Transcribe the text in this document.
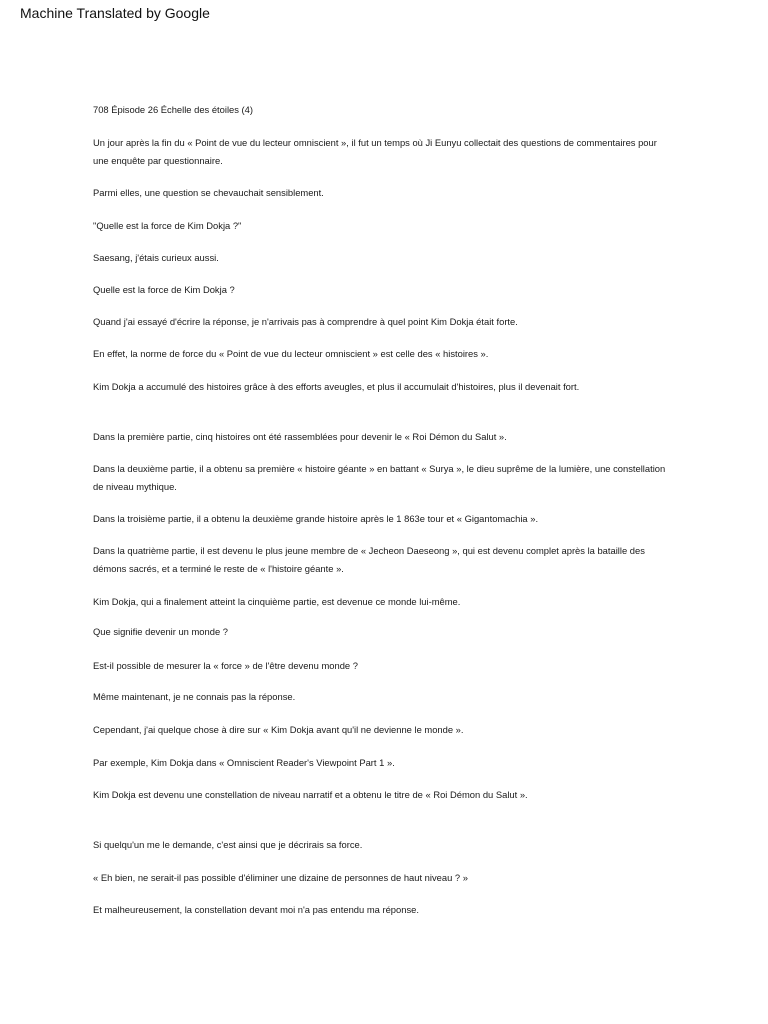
Machine Translated by Google
708 Épisode 26 Échelle des étoiles (4)
Un jour après la fin du « Point de vue du lecteur omniscient », il fut un temps où Ji Eunyu collectait des questions de commentaires pour une enquête par questionnaire.
Parmi elles, une question se chevauchait sensiblement.
"Quelle est la force de Kim Dokja ?"
Saesang, j'étais curieux aussi.
Quelle est la force de Kim Dokja ?
Quand j'ai essayé d'écrire la réponse, je n'arrivais pas à comprendre à quel point Kim Dokja était forte.
En effet, la norme de force du « Point de vue du lecteur omniscient » est celle des « histoires ».
Kim Dokja a accumulé des histoires grâce à des efforts aveugles, et plus il accumulait d'histoires, plus il devenait fort.
Dans la première partie, cinq histoires ont été rassemblées pour devenir le « Roi Démon du Salut ».
Dans la deuxième partie, il a obtenu sa première « histoire géante » en battant « Surya », le dieu suprême de la lumière, une constellation de niveau mythique.
Dans la troisième partie, il a obtenu la deuxième grande histoire après le 1 863e tour et « Gigantomachia ».
Dans la quatrième partie, il est devenu le plus jeune membre de « Jecheon Daeseong », qui est devenu complet après la bataille des démons sacrés, et a terminé le reste de « l'histoire géante ».
Kim Dokja, qui a finalement atteint la cinquième partie, est devenue ce monde lui-même.
Que signifie devenir un monde ?
Est-il possible de mesurer la « force » de l'être devenu monde ?
Même maintenant, je ne connais pas la réponse.
Cependant, j'ai quelque chose à dire sur « Kim Dokja avant qu'il ne devienne le monde ».
Par exemple, Kim Dokja dans « Omniscient Reader's Viewpoint Part 1 ».
Kim Dokja est devenu une constellation de niveau narratif et a obtenu le titre de « Roi Démon du Salut ».
Si quelqu'un me le demande, c'est ainsi que je décrirais sa force.
« Eh bien, ne serait-il pas possible d'éliminer une dizaine de personnes de haut niveau ? »
Et malheureusement, la constellation devant moi n'a pas entendu ma réponse.
